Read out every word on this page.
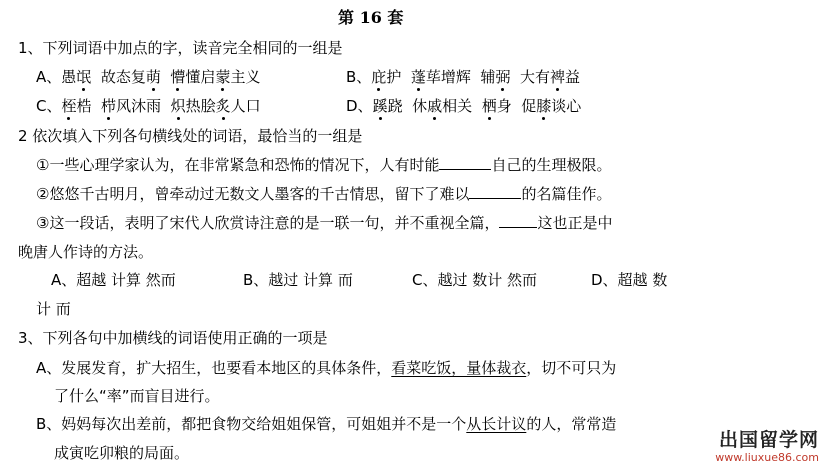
第 16 套
1、下列词语中加点的字，读音完全相同的一组是
A、愚氓  故态复萌 懵懂启蒙主义	B、庇护  蓬荜增辉  辅弼  大有裨益
C、桎梏  栉风沐雨  炽热脍炙人口	D、蹊跷  休戚相关  栖身  促膝谈心
2 依次填入下列各句横线处的词语，最恰当的一组是
①一些心理学家认为，在非常紧急和恐怖的情况下，人有时能	自己的生理极限。
②悠悠千古明月，曾牵动过无数文人墨客的千古情思，留下了难以	的名篇佳作。
③这一段话，表明了宋代人欣赏诗注意的是一联一句，并不重视全篇，	这也正是中
晚唐人作诗的方法。
A、超越 计算 然而	B、越过 计算 而	C、越过 数计 然而	D、超越 数
计 而
3、下列各句中加横线的词语使用正确的一项是
A、发展发育，扩大招生，也要看本地区的具体条件，看菜吃饭，量体裁衣，切不可只为
了什么“率”而盲目进行。
B、妈妈每次出差前，都把食物交给姐姐保管，可姐姐并不是一个从长计议的人，常常造
成寅吃卯粮的局面。
出国留学网
www.liuxue86.com
